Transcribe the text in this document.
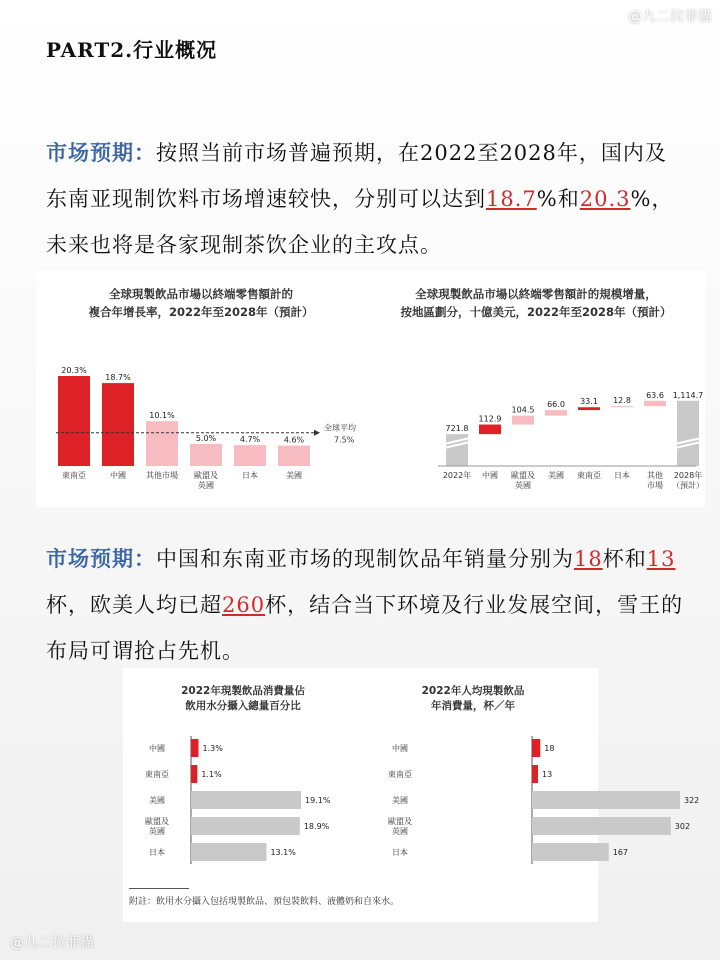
@九二拉菲猫
PART2.行业概况
市场预期：按照当前市场普遍预期，在2022至2028年，国内及东南亚现制饮料市场增速较快，分别可以达到18.7%和20.3%，未来也将是各家现制茶饮企业的主攻点。
全球現製飲品市場以終端零售額計的
複合年增長率，2022年至2028年（預計）
20.3%
東南亞
18.7%
中國
10.1%
其他市場
5.0%
歐盟及
英國
4.7%
日本
4.6%
美國
全球平均
7.5%
全球現製飲品市場以終端零售額計的規模增量，
按地區劃分，十億美元，2022年至2028年（預計）
721.8
2022年
112.9
中國
104.5
歐盟及
英國
66.0
美國
33.1
東南亞
12.8
日本
63.6
其他
市場
1,114.7
2028年
（預計）
市场预期：中国和东南亚市场的现制饮品年销量分别为18杯和13杯，欧美人均已超260杯，结合当下环境及行业发展空间，雪王的布局可谓抢占先机。
2022年現製飲品消費量佔
飲用水分攝入總量百分比
1.3%
中國
1.1%
東南亞
19.1%
美國
18.9%
歐盟及
英國
13.1%
日本
2022年人均現製飲品
年消費量，杯／年
18
中國
13
東南亞
322
美國
302
歐盟及
英國
167
日本
附註：飲用水分攝入包括現製飲品、預包裝飲料、液體奶和自來水。
@九二拉菲猫
